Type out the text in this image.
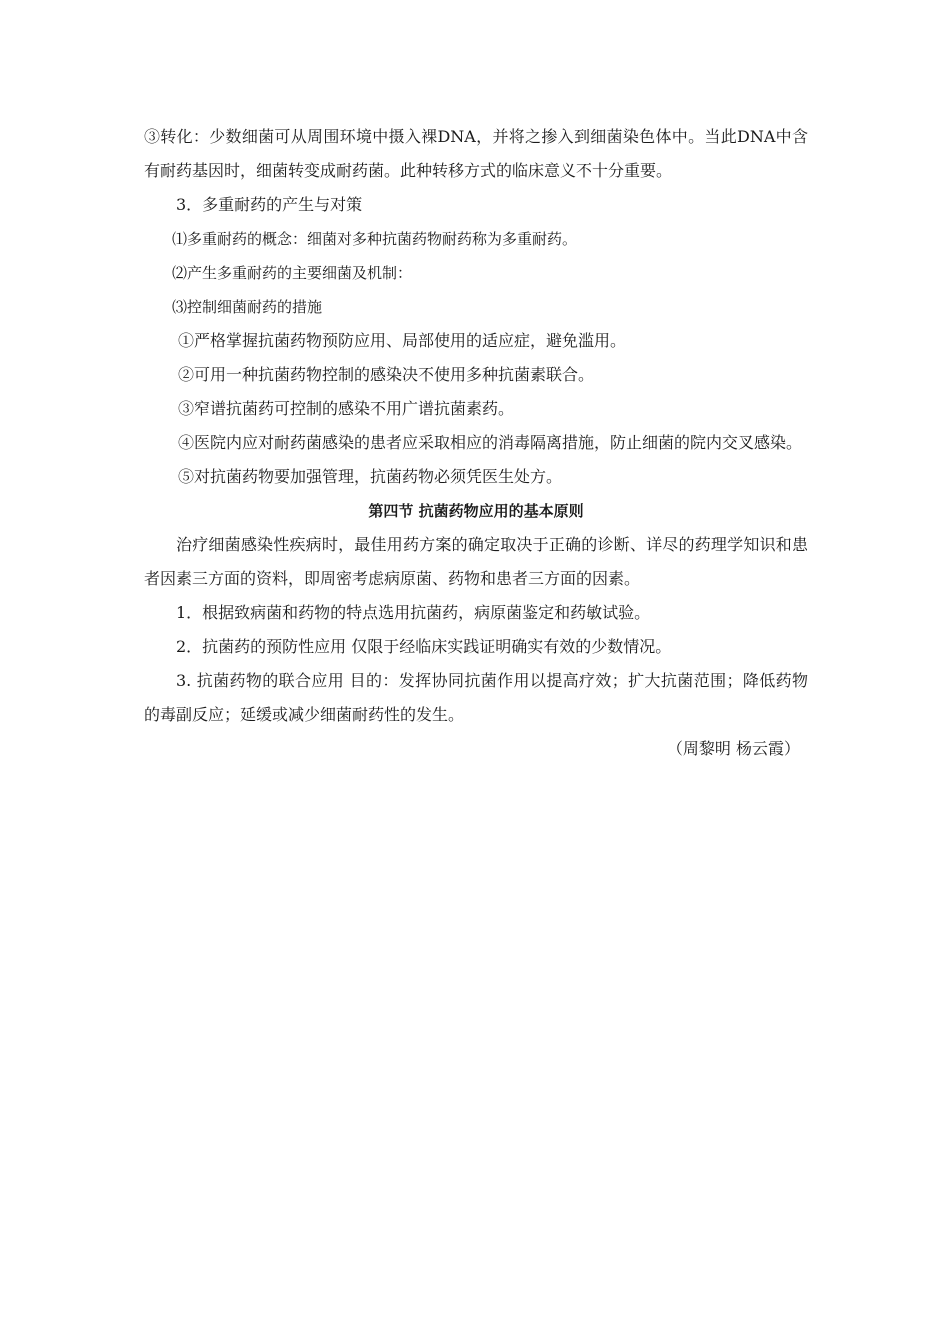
③转化：少数细菌可从周围环境中摄入裸DNA，并将之掺入到细菌染色体中。当此DNA中含有耐药基因时，细菌转变成耐药菌。此种转移方式的临床意义不十分重要。

3．多重耐药的产生与对策

⑴多重耐药的概念：细菌对多种抗菌药物耐药称为多重耐药。

⑵产生多重耐药的主要细菌及机制：

⑶控制细菌耐药的措施

①严格掌握抗菌药物预防应用、局部使用的适应症，避免滥用。

②可用一种抗菌药物控制的感染决不使用多种抗菌素联合。

③窄谱抗菌药可控制的感染不用广谱抗菌素药。

④医院内应对耐药菌感染的患者应采取相应的消毒隔离措施，防止细菌的院内交叉感染。

⑤对抗菌药物要加强管理，抗菌药物必须凭医生处方。

第四节 抗菌药物应用的基本原则

治疗细菌感染性疾病时，最佳用药方案的确定取决于正确的诊断、详尽的药理学知识和患者因素三方面的资料，即周密考虑病原菌、药物和患者三方面的因素。

1．根据致病菌和药物的特点选用抗菌药，病原菌鉴定和药敏试验。

2．抗菌药的预防性应用 仅限于经临床实践证明确实有效的少数情况。

3. 抗菌药物的联合应用 目的：发挥协同抗菌作用以提高疗效；扩大抗菌范围；降低药物的毒副反应；延缓或减少细菌耐药性的发生。

（周黎明 杨云霞）
